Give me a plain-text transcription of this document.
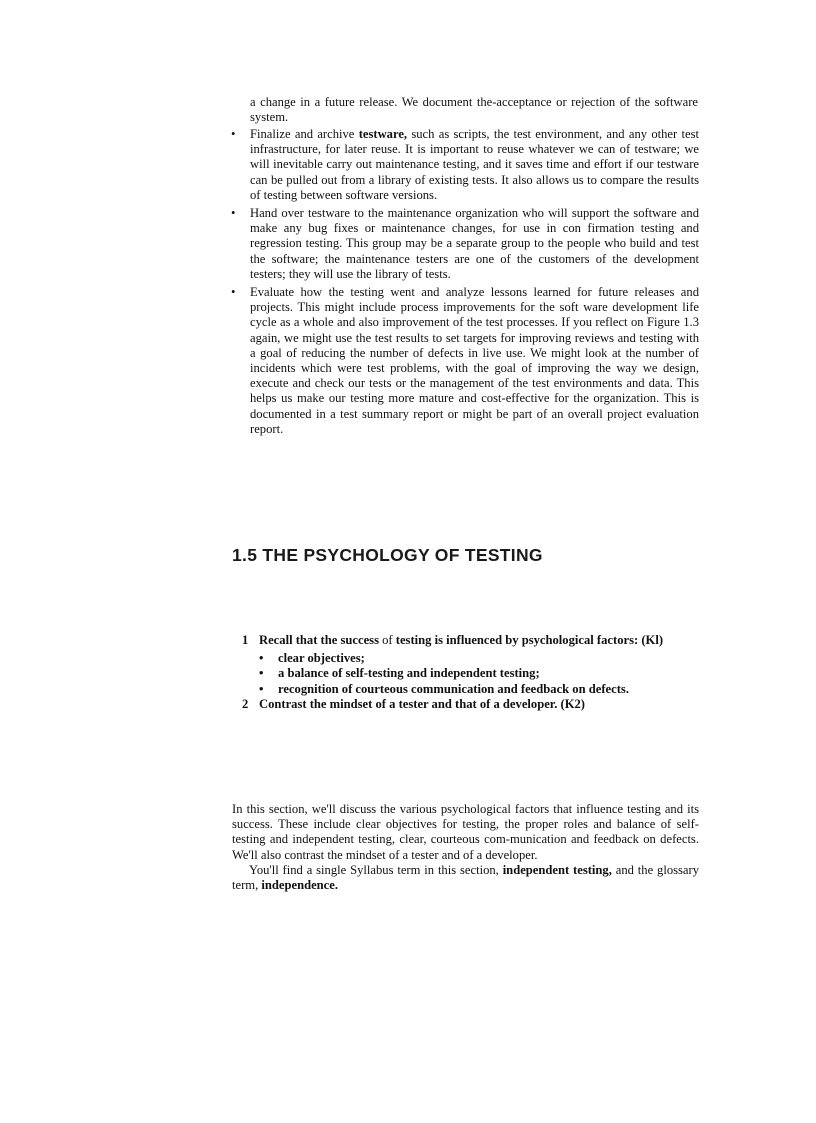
a change in a future release. We document the-acceptance or rejection of the software system.
• Finalize and archive testware, such as scripts, the test environment, and any other test infrastructure, for later reuse. It is important to reuse whatever we can of testware; we will inevitable carry out maintenance testing, and it saves time and effort if our testware can be pulled out from a library of existing tests. It also allows us to compare the results of testing between software versions.
• Hand over testware to the maintenance organization who will support the software and make any bug fixes or maintenance changes, for use in con firmation testing and regression testing. This group may be a separate group to the people who build and test the software; the maintenance testers are one of the customers of the development testers; they will use the library of tests.
• Evaluate how the testing went and analyze lessons learned for future releases and projects. This might include process improvements for the soft ware development life cycle as a whole and also improvement of the test processes. If you reflect on Figure 1.3 again, we might use the test results to set targets for improving reviews and testing with a goal of reducing the number of defects in live use. We might look at the number of incidents which were test problems, with the goal of improving the way we design, execute and check our tests or the management of the test environments and data. This helps us make our testing more mature and cost-effective for the organization. This is documented in a test summary report or might be part of an overall project evaluation report.
1.5 THE PSYCHOLOGY OF TESTING
1 Recall that the success of testing is influenced by psychological factors: (Kl)
• clear objectives;
• a balance of self-testing and independent testing;
• recognition of courteous communication and feedback on defects.
2 Contrast the mindset of a tester and that of a developer. (K2)

In this section, we'll discuss the various psychological factors that influence testing and its success. These include clear objectives for testing, the proper roles and balance of self-testing and independent testing, clear, courteous com-munication and feedback on defects. We'll also contrast the mindset of a tester and of a developer.

You'll find a single Syllabus term in this section, independent testing, and the glossary term, independence.
